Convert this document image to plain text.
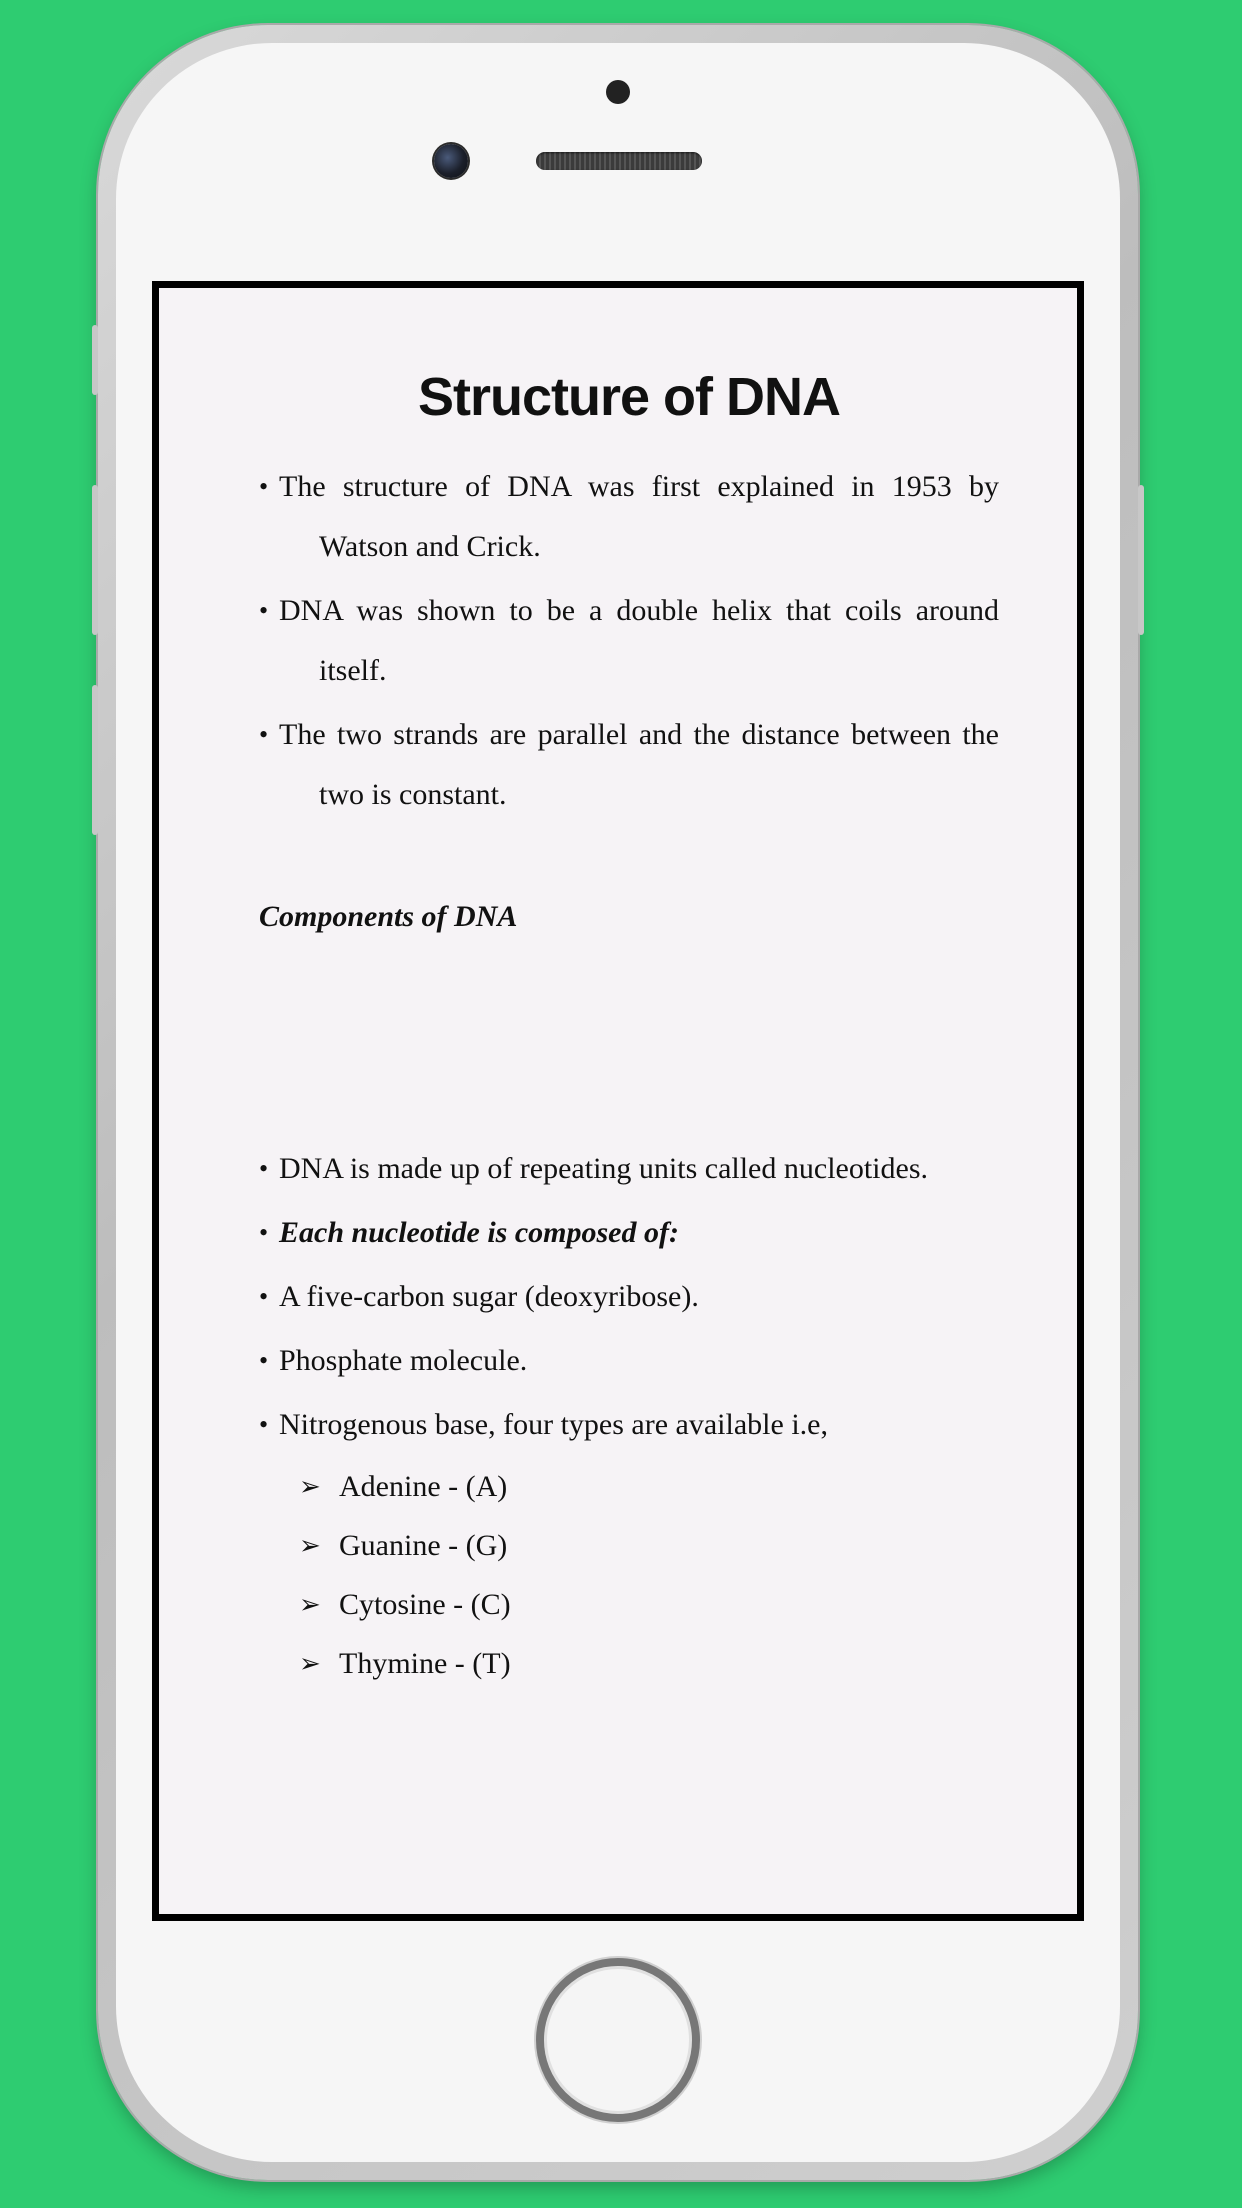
Structure of DNA
• The structure of DNA was first explained in 1953 by Watson and Crick.
• DNA was shown to be a double helix that coils around itself.
• The two strands are parallel and the distance between the two is constant.
Components of DNA
• DNA is made up of repeating units called nucleotides.
• Each nucleotide is composed of:
• A five-carbon sugar (deoxyribose).
• Phosphate molecule.
• Nitrogenous base, four types are available i.e,
➢ Adenine - (A)
➢ Guanine - (G)
➢ Cytosine - (C)
➢ Thymine - (T)
